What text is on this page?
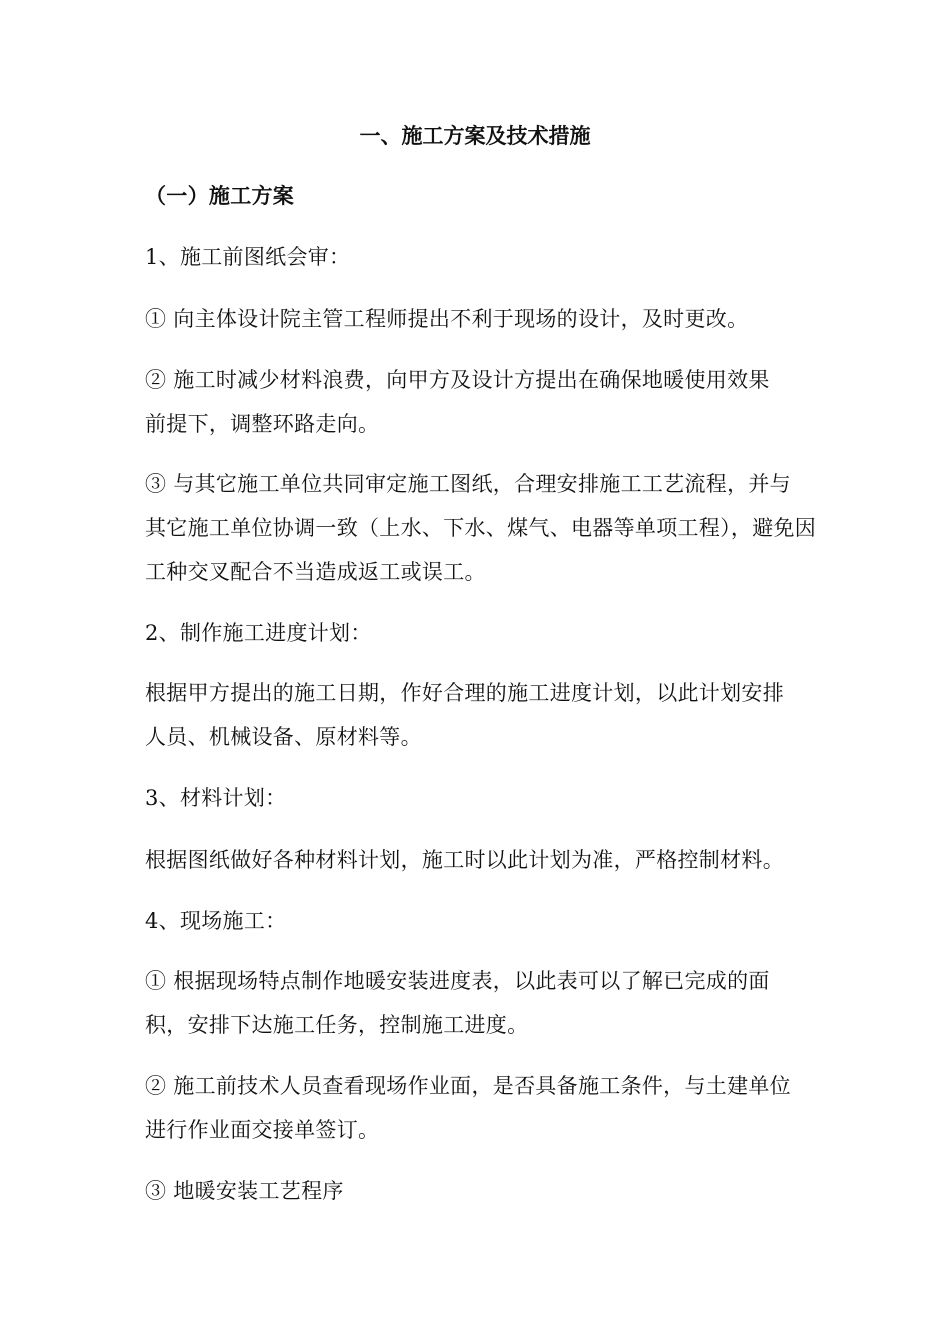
一、施工方案及技术措施

（一）施工方案

1、施工前图纸会审：

① 向主体设计院主管工程师提出不利于现场的设计，及时更改。

② 施工时减少材料浪费，向甲方及设计方提出在确保地暖使用效果

前提下，调整环路走向。

③ 与其它施工单位共同审定施工图纸，合理安排施工工艺流程，并与

其它施工单位协调一致（上水、下水、煤气、电器等单项工程），避免因

工种交叉配合不当造成返工或误工。

2、制作施工进度计划：

根据甲方提出的施工日期，作好合理的施工进度计划，以此计划安排

人员、机械设备、原材料等。

3、材料计划：

根据图纸做好各种材料计划，施工时以此计划为准，严格控制材料。

4、现场施工：

① 根据现场特点制作地暖安装进度表，以此表可以了解已完成的面

积，安排下达施工任务，控制施工进度。

② 施工前技术人员查看现场作业面，是否具备施工条件，与土建单位

进行作业面交接单签订。

③ 地暖安装工艺程序
